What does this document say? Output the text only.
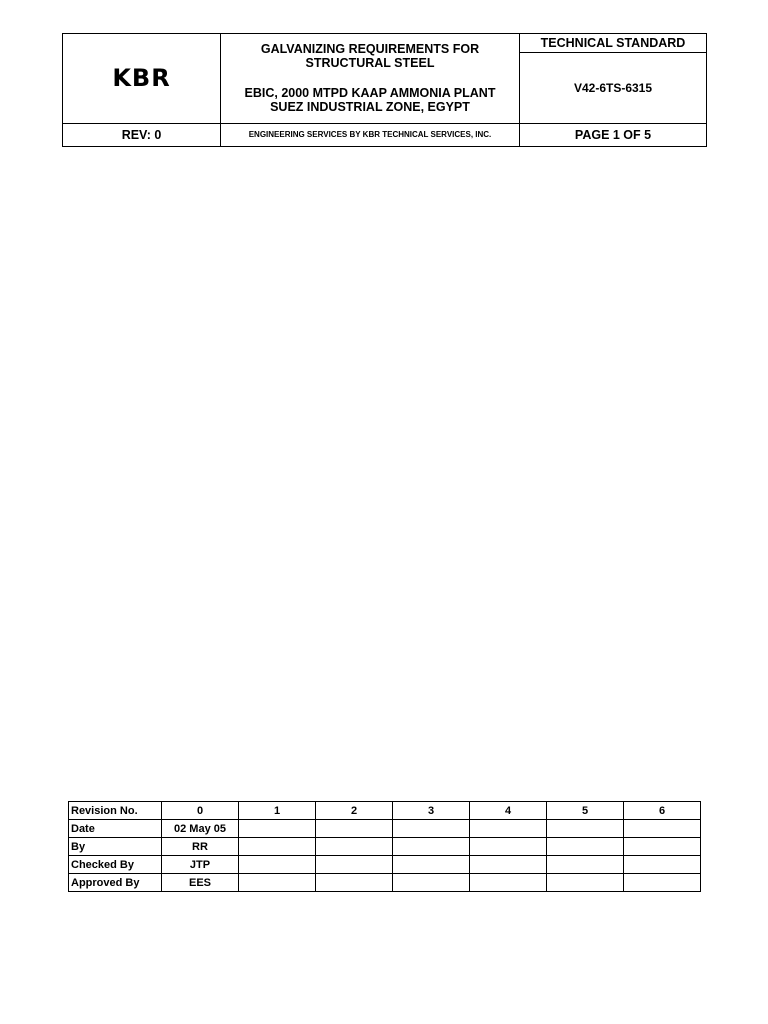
KBR	GALVANIZING REQUIREMENTS FOR
STRUCTURAL STEEL
EBIC, 2000 MTPD KAAP AMMONIA PLANT
SUEZ INDUSTRIAL ZONE, EGYPT	TECHNICAL STANDARD
		V42-6TS-6315
REV: 0	ENGINEERING SERVICES BY KBR TECHNICAL SERVICES, INC.	PAGE 1 OF 5
Revision No.	0	1	2	3	4	5	6
Date	02 May 05						
By	RR						
Checked By	JTP						
Approved By	EES						
